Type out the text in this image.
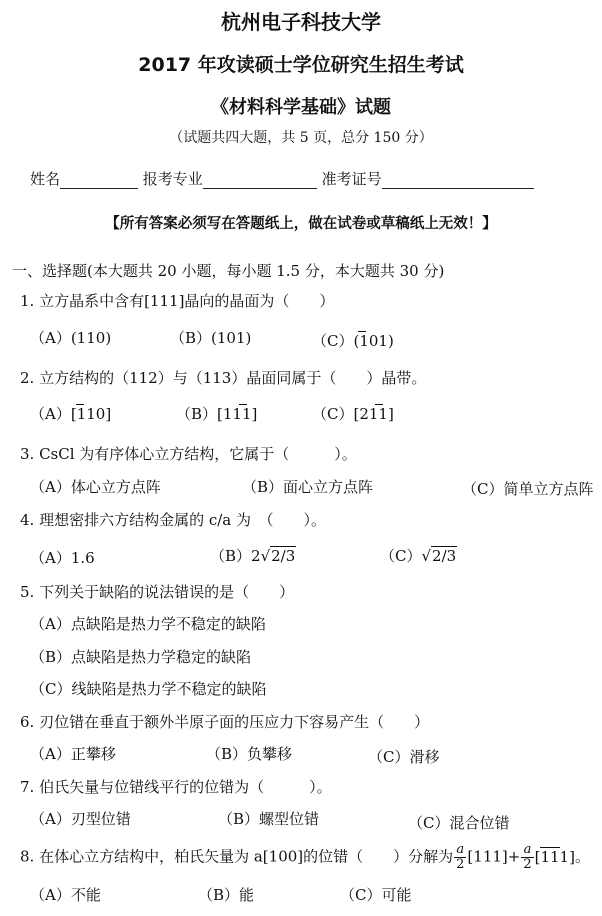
杭州电子科技大学
2017 年攻读硕士学位研究生招生考试
《材料科学基础》试题
（试题共四大题，共 5 页，总分 150 分）
姓名	报考专业	准考证号
【所有答案必须写在答题纸上，做在试卷或草稿纸上无效！】
一、选择题(本大题共 20 小题，每小题 1.5 分，本大题共 30 分)
1. 立方晶系中含有[111]晶向的晶面为（　　）
（A）(110)	（B）(101)	（C）(101)
2. 立方结构的（112）与（113）晶面同属于（　　）晶带。
（A）[110]	（B）[111]	（C）[211]
3. CsCl 为有序体心立方结构，它属于（　　　）。
（A）体心立方点阵	（B）面心立方点阵	（C）简单立方点阵
4. 理想密排六方结构金属的 c/a 为　（　　）。
（A）1.6	（B）2√2/3	（C）√2/3
5. 下列关于缺陷的说法错误的是（　　）
（A）点缺陷是热力学不稳定的缺陷
（B）点缺陷是热力学稳定的缺陷
（C）线缺陷是热力学不稳定的缺陷
6. 刃位错在垂直于额外半原子面的压应力下容易产生（　　）
（A）正攀移	（B）负攀移	（C）滑移
7. 伯氏矢量与位错线平行的位错为（　　　）。
（A）刃型位错	（B）螺型位错	（C）混合位错
8. 在体心立方结构中，柏氏矢量为 a[100]的位错（　　）分解为 $\frac{a}{2} [111]+ \frac{a}{2} [111]$
。
（A）不能	（B）能	（C）可能
